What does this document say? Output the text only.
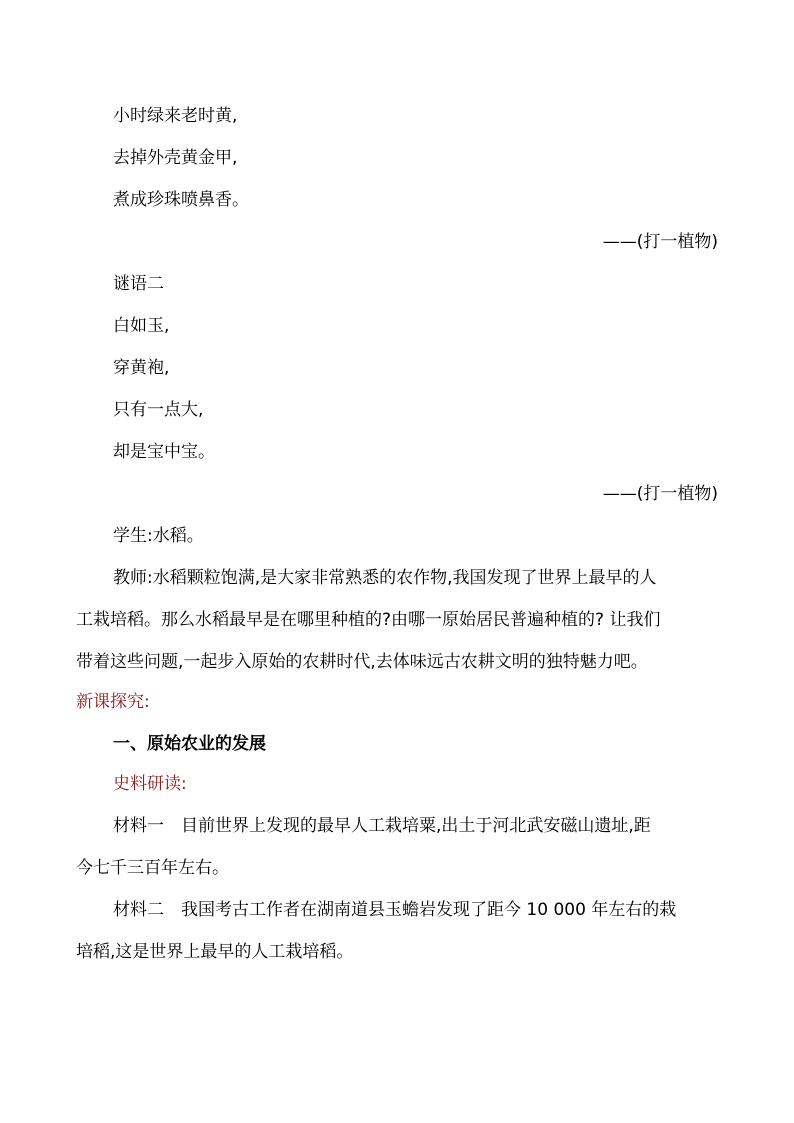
小时绿来老时黄,
去掉外壳黄金甲,
煮成珍珠喷鼻香。
——(打一植物)
谜语二
白如玉,
穿黄袍,
只有一点大,
却是宝中宝。
——(打一植物)
学生:水稻。
教师:水稻颗粒饱满,是大家非常熟悉的农作物,我国发现了世界上最早的人
工栽培稻。那么水稻最早是在哪里种植的?由哪一原始居民普遍种植的? 让我们
带着这些问题,一起步入原始的农耕时代,去体味远古农耕文明的独特魅力吧。
新课探究:
一、原始农业的发展
史料研读:
材料一　目前世界上发现的最早人工栽培粟,出土于河北武安磁山遗址,距
今七千三百年左右。
材料二　我国考古工作者在湖南道县玉蟾岩发现了距今 10 000 年左右的栽
培稻,这是世界上最早的人工栽培稻。
